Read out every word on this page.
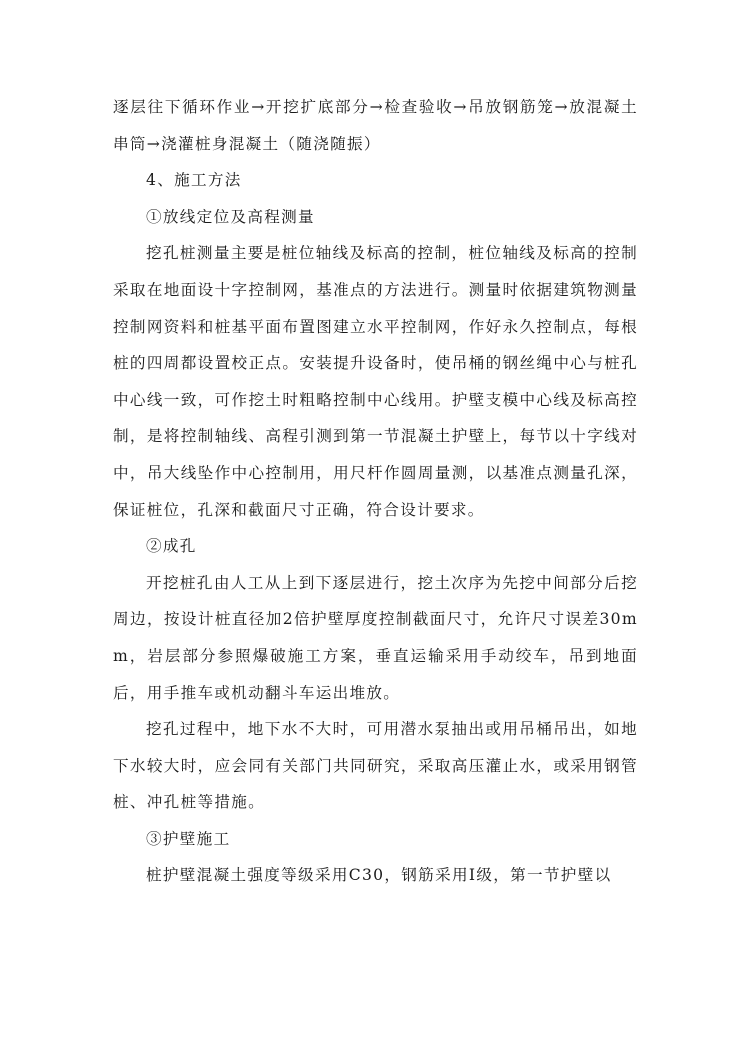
逐层往下循环作业→开挖扩底部分→检查验收→吊放钢筋笼→放混凝土串筒→浇灌桩身混凝土（随浇随振）

4、施工方法

①放线定位及高程测量

挖孔桩测量主要是桩位轴线及标高的控制，桩位轴线及标高的控制采取在地面设十字控制网，基准点的方法进行。测量时依据建筑物测量控制网资料和桩基平面布置图建立水平控制网，作好永久控制点，每根桩的四周都设置校正点。安装提升设备时，使吊桶的钢丝绳中心与桩孔中心线一致，可作挖土时粗略控制中心线用。护壁支模中心线及标高控制，是将控制轴线、高程引测到第一节混凝土护壁上，每节以十字线对中，吊大线坠作中心控制用，用尺杆作圆周量测，以基准点测量孔深，保证桩位，孔深和截面尺寸正确，符合设计要求。

②成孔

开挖桩孔由人工从上到下逐层进行，挖土次序为先挖中间部分后挖周边，按设计桩直径加2倍护壁厚度控制截面尺寸，允许尺寸误差30mm，岩层部分参照爆破施工方案，垂直运输采用手动绞车，吊到地面后，用手推车或机动翻斗车运出堆放。

挖孔过程中，地下水不大时，可用潜水泵抽出或用吊桶吊出，如地下水较大时，应会同有关部门共同研究，采取高压灌止水，或采用钢管桩、冲孔桩等措施。

③护壁施工

桩护壁混凝土强度等级采用C30，钢筋采用Ⅰ级，第一节护壁以
